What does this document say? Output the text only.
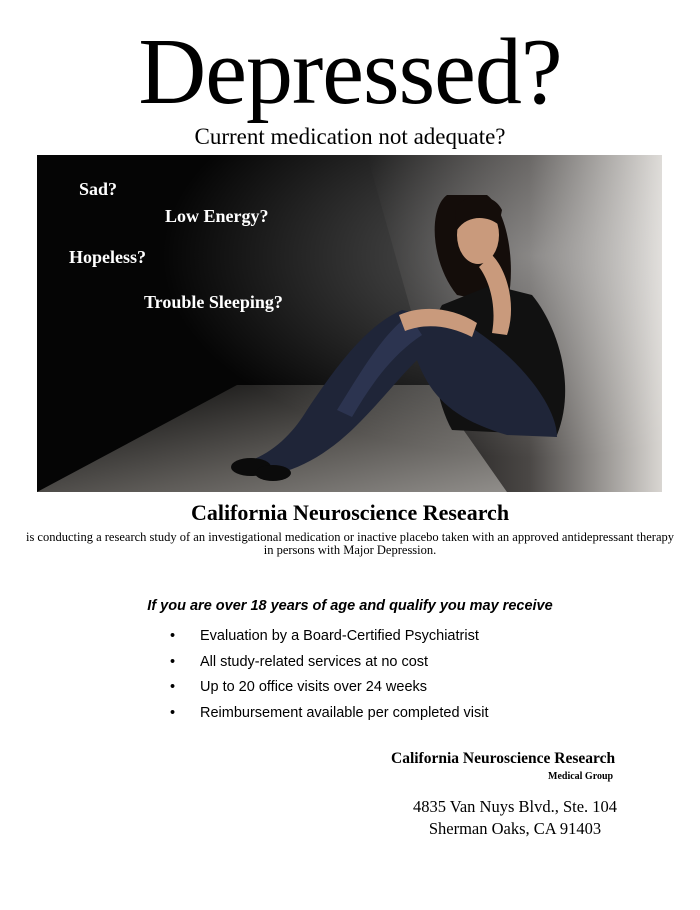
Depressed?
Current medication not adequate?
Sad?
Low Energy?
Hopeless?
Trouble Sleeping?
California Neuroscience Research
is conducting a research study of an investigational medication or inactive placebo taken with an approved antidepressant therapy in persons with Major Depression.
If you are over 18 years of age and qualify you may receive
• Evaluation by a Board-Certified Psychiatrist
• All study-related services at no cost
• Up to 20 office visits over 24 weeks
• Reimbursement available per completed visit
California Neuroscience Research
Medical Group
4835 Van Nuys Blvd., Ste. 104
Sherman Oaks, CA 91403
